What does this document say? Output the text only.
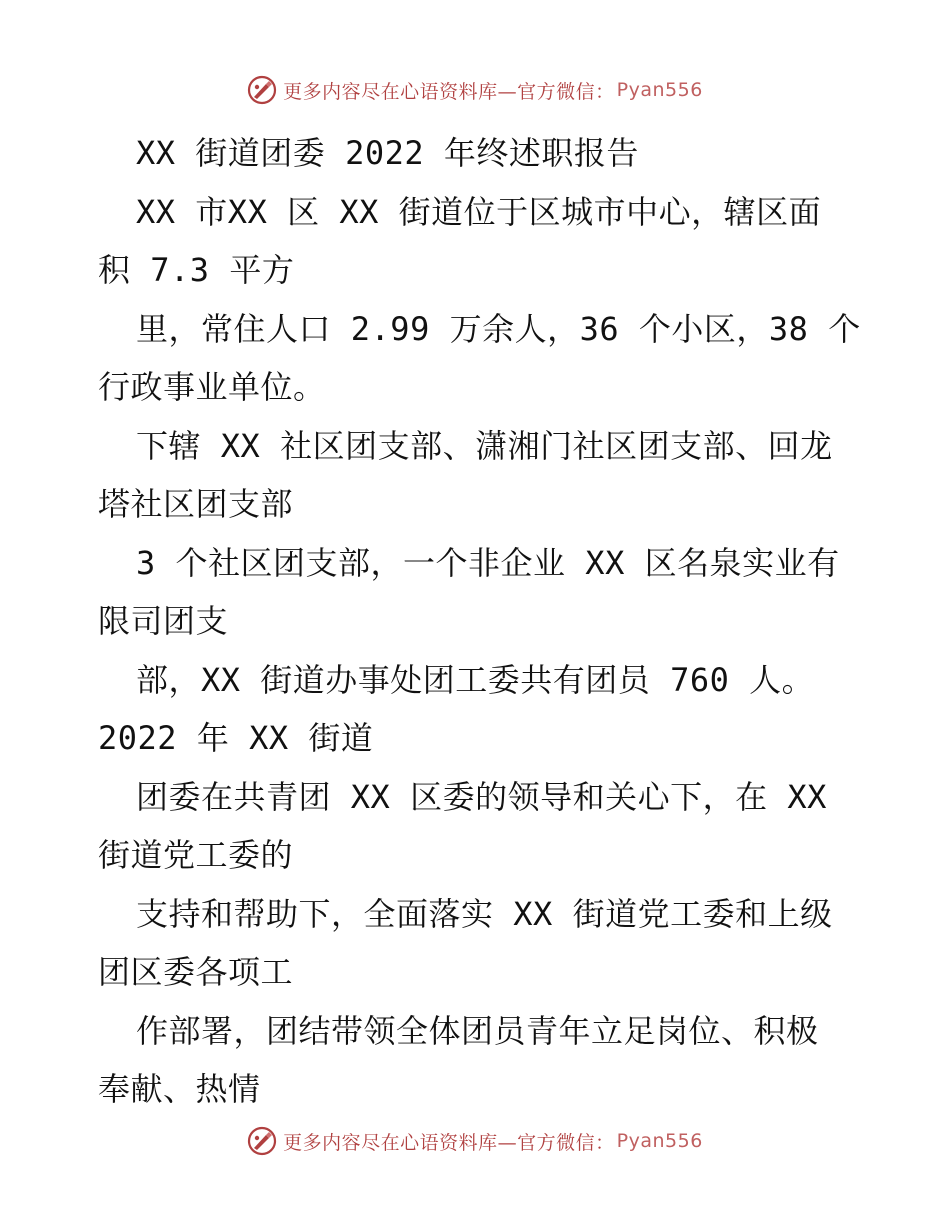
更多内容尽在心语资料库—官方微信： Pyan556
XX 街道团委 2022 年终述职报告
XX 市XX 区 XX 街道位于区城市中心，辖区面
积 7.3 平方
里，常住人口 2.99 万余人，36 个小区，38 个
行政事业单位。
下辖 XX 社区团支部、潇湘门社区团支部、回龙
塔社区团支部
3 个社区团支部，一个非企业 XX 区名泉实业有
限司团支
部，XX 街道办事处团工委共有团员 760 人。
2022 年 XX 街道
团委在共青团 XX 区委的领导和关心下，在 XX
街道党工委的
支持和帮助下，全面落实 XX 街道党工委和上级
团区委各项工
作部署，团结带领全体团员青年立足岗位、积极
奉献、热情
更多内容尽在心语资料库—官方微信： Pyan556
